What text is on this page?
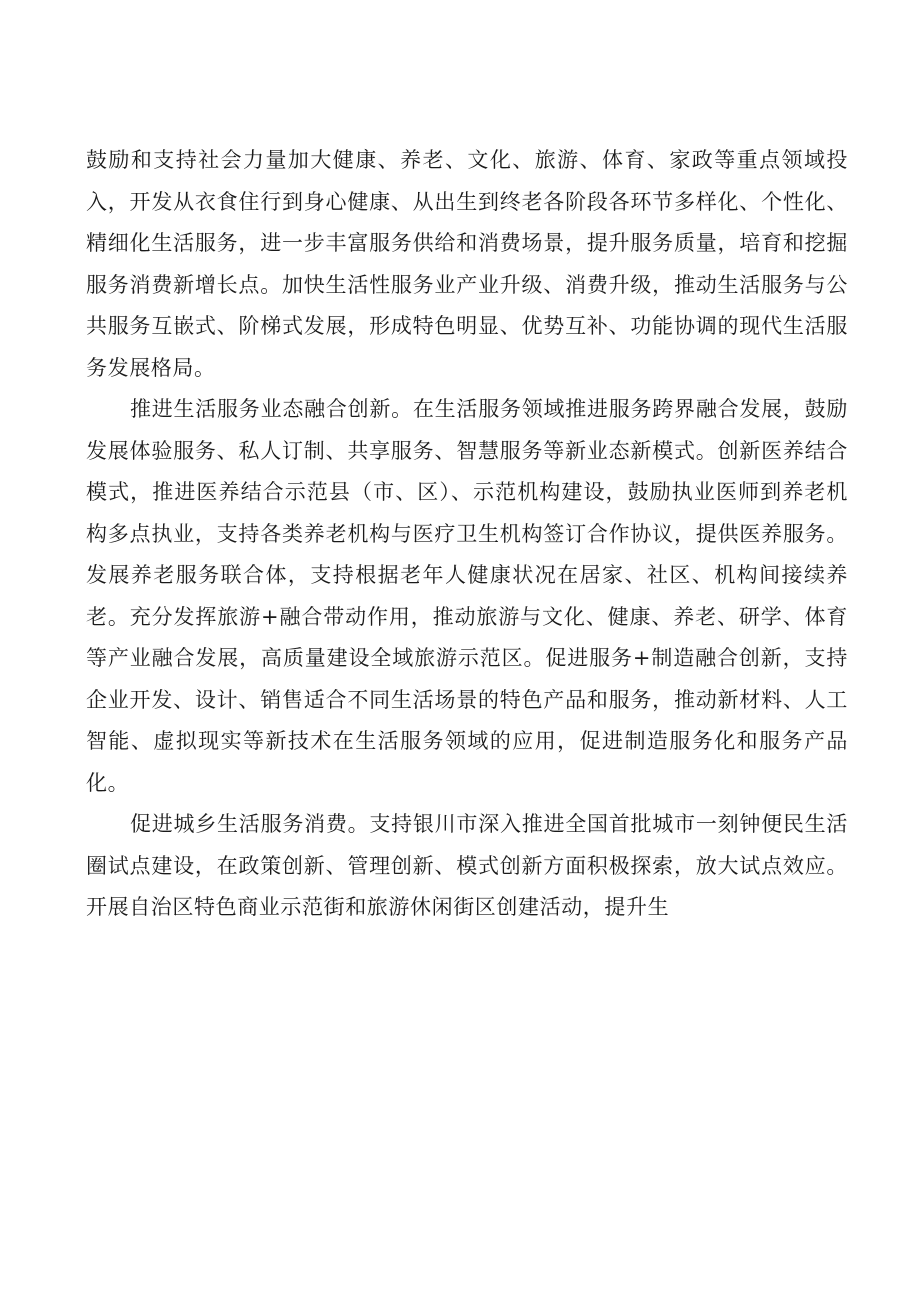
鼓励和支持社会力量加大健康、养老、文化、旅游、体育、家政等重点领域投入，开发从衣食住行到身心健康、从出生到终老各阶段各环节多样化、个性化、精细化生活服务，进一步丰富服务供给和消费场景，提升服务质量，培育和挖掘服务消费新增长点。加快生活性服务业产业升级、消费升级，推动生活服务与公共服务互嵌式、阶梯式发展，形成特色明显、优势互补、功能协调的现代生活服务发展格局。

推进生活服务业态融合创新。在生活服务领域推进服务跨界融合发展，鼓励发展体验服务、私人订制、共享服务、智慧服务等新业态新模式。创新医养结合模式，推进医养结合示范县（市、区）、示范机构建设，鼓励执业医师到养老机构多点执业，支持各类养老机构与医疗卫生机构签订合作协议，提供医养服务。发展养老服务联合体，支持根据老年人健康状况在居家、社区、机构间接续养老。充分发挥旅游+融合带动作用，推动旅游与文化、健康、养老、研学、体育等产业融合发展，高质量建设全域旅游示范区。促进服务+制造融合创新，支持企业开发、设计、销售适合不同生活场景的特色产品和服务，推动新材料、人工智能、虚拟现实等新技术在生活服务领域的应用，促进制造服务化和服务产品化。

促进城乡生活服务消费。支持银川市深入推进全国首批城市一刻钟便民生活圈试点建设，在政策创新、管理创新、模式创新方面积极探索，放大试点效应。开展自治区特色商业示范街和旅游休闲街区创建活动，提升生
